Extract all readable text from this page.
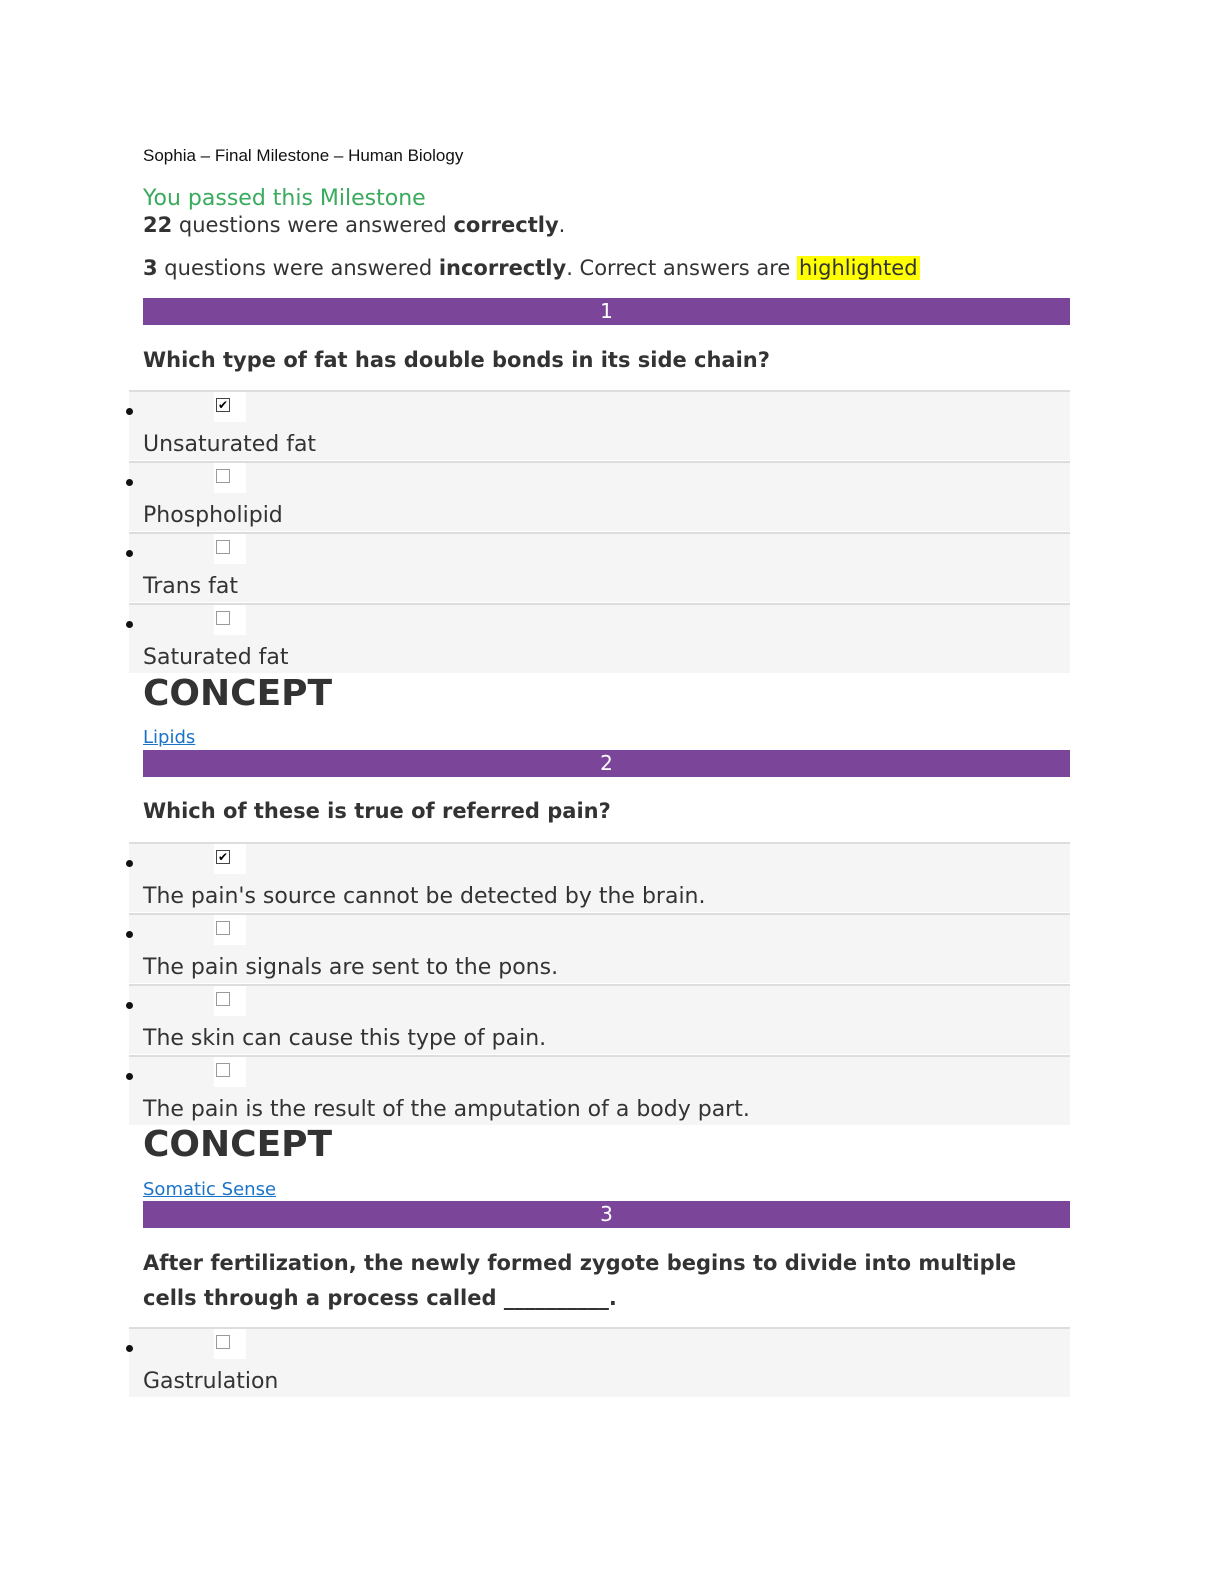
Sophia – Final Milestone – Human Biology
You passed this Milestone
22 questions were answered correctly.
3 questions were answered incorrectly. Correct answers are highlighted
1
Which type of fat has double bonds in its side chain?
✔
Unsaturated fat
Phospholipid
Trans fat
Saturated fat
CONCEPT
Lipids
2
Which of these is true of referred pain?
✔
The pain's source cannot be detected by the brain.
The pain signals are sent to the pons.
The skin can cause this type of pain.
The pain is the result of the amputation of a body part.
CONCEPT
Somatic Sense
3
After fertilization, the newly formed zygote begins to divide into multiple cells through a process called __________.
Gastrulation
